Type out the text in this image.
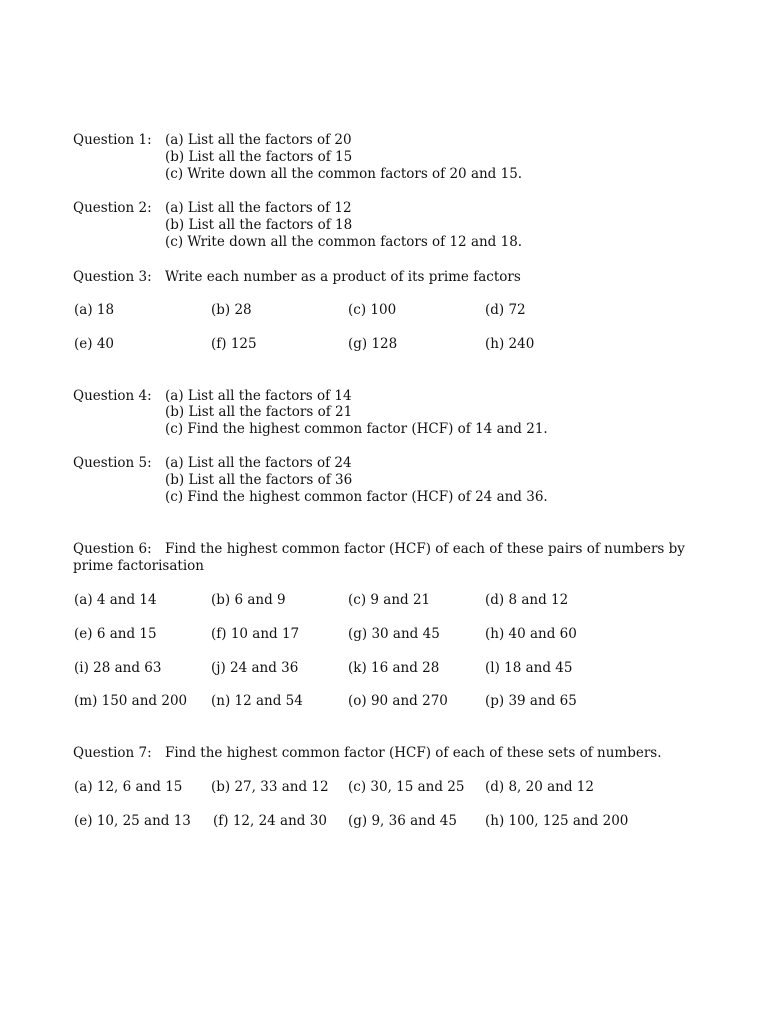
Question 1: (a) List all the factors of 20
(b) List all the factors of 15
(c) Write down all the common factors of 20 and 15.
Question 2: (a) List all the factors of 12
(b) List all the factors of 18
(c) Write down all the common factors of 12 and 18.
Question 3: Write each number as a product of its prime factors
(a) 18	(b) 28	(c) 100	(d) 72
(e) 40	(f) 125	(g) 128	(h) 240
Question 4: (a) List all the factors of 14
(b) List all the factors of 21
(c) Find the highest common factor (HCF) of 14 and 21.
Question 5: (a) List all the factors of 24
(b) List all the factors of 36
(c) Find the highest common factor (HCF) of 24 and 36.
Question 6: Find the highest common factor (HCF) of each of these pairs of numbers by
prime factorisation
(a) 4 and 14	(b) 6 and 9	(c) 9 and 21	(d) 8 and 12
(e) 6 and 15	(f) 10 and 17	(g) 30 and 45	(h) 40 and 60
(i) 28 and 63	(j) 24 and 36	(k) 16 and 28	(l) 18 and 45
(m) 150 and 200 (n) 12 and 54	(o) 90 and 270	(p) 39 and 65
Question 7: Find the highest common factor (HCF) of each of these sets of numbers.
(a) 12, 6 and 15 (b) 27, 33 and 12 (c) 30, 15 and 25 (d) 8, 20 and 12
(e) 10, 25 and 13 (f) 12, 24 and 30 (g) 9, 36 and 45 (h) 100, 125 and 200
